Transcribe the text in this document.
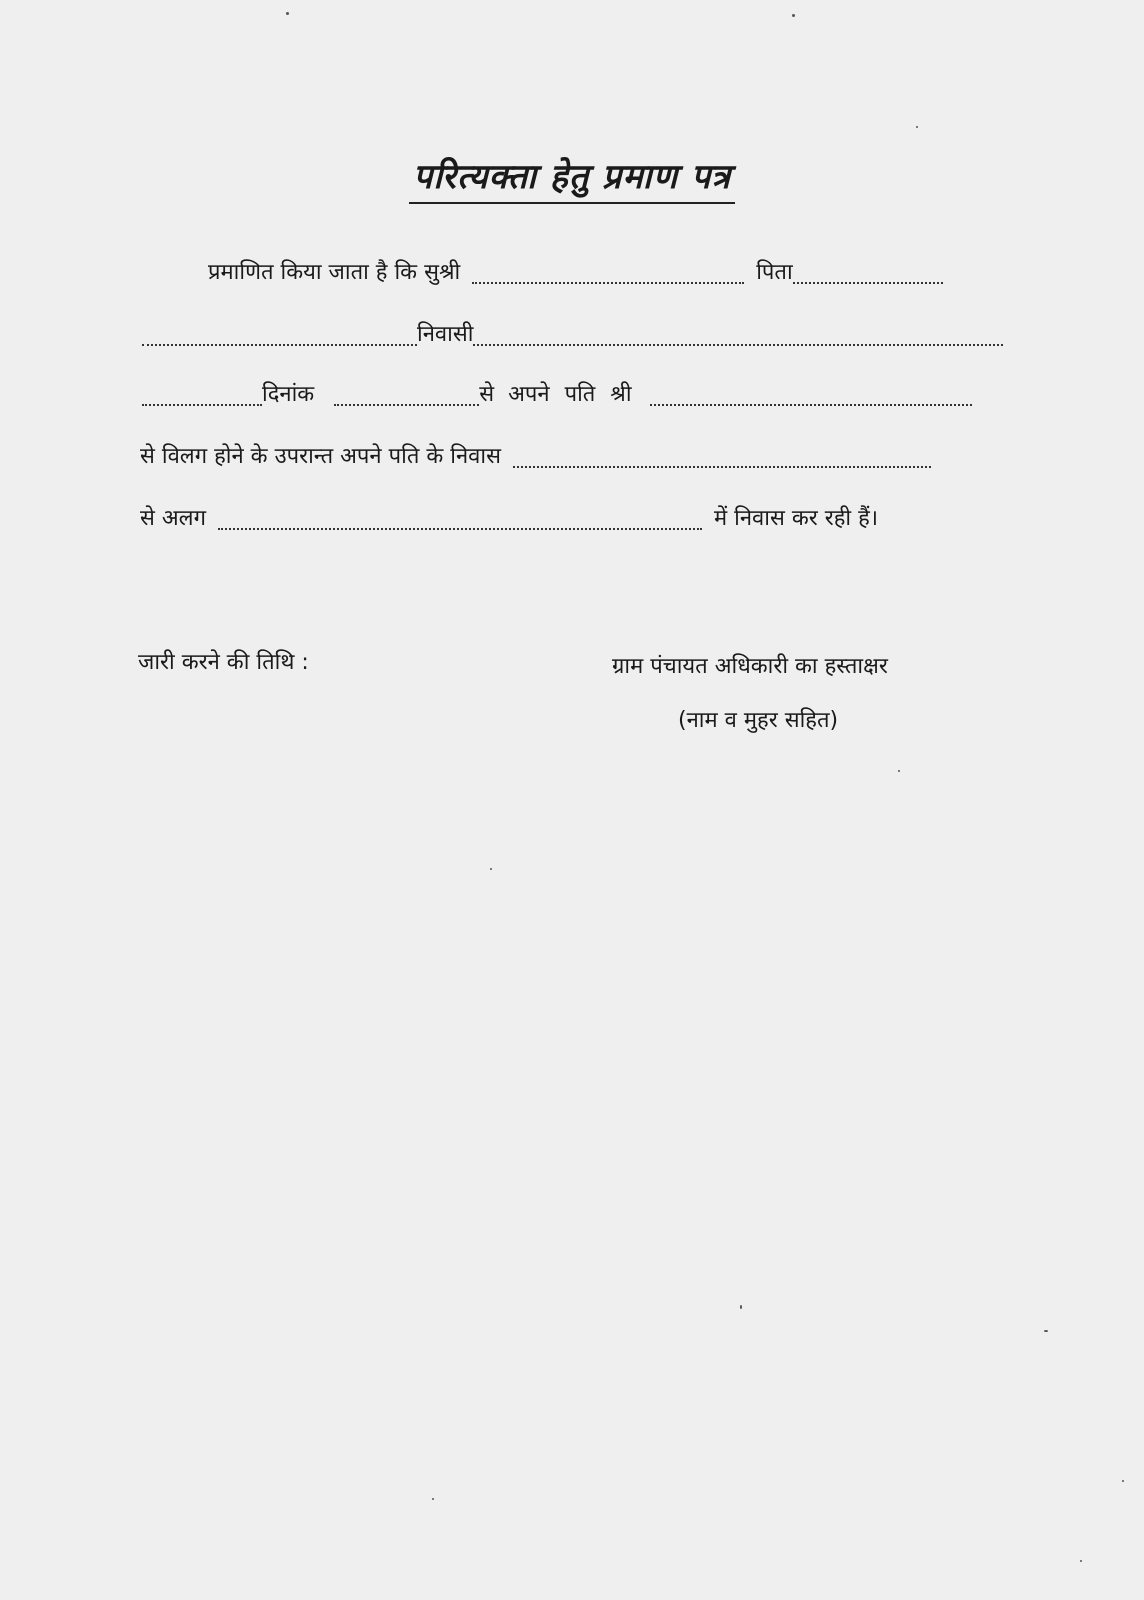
परित्यक्ता हेतु प्रमाण पत्र
प्रमाणित किया जाता है कि सुश्री	पिता
निवासी
दिनांक	से अपने पति श्री
से विलग होने के उपरान्त अपने पति के निवास
से अलग	में निवास कर रही हैं।
जारी करने की तिथि :	ग्राम पंचायत अधिकारी का हस्ताक्षर
(नाम व मुहर सहित)
